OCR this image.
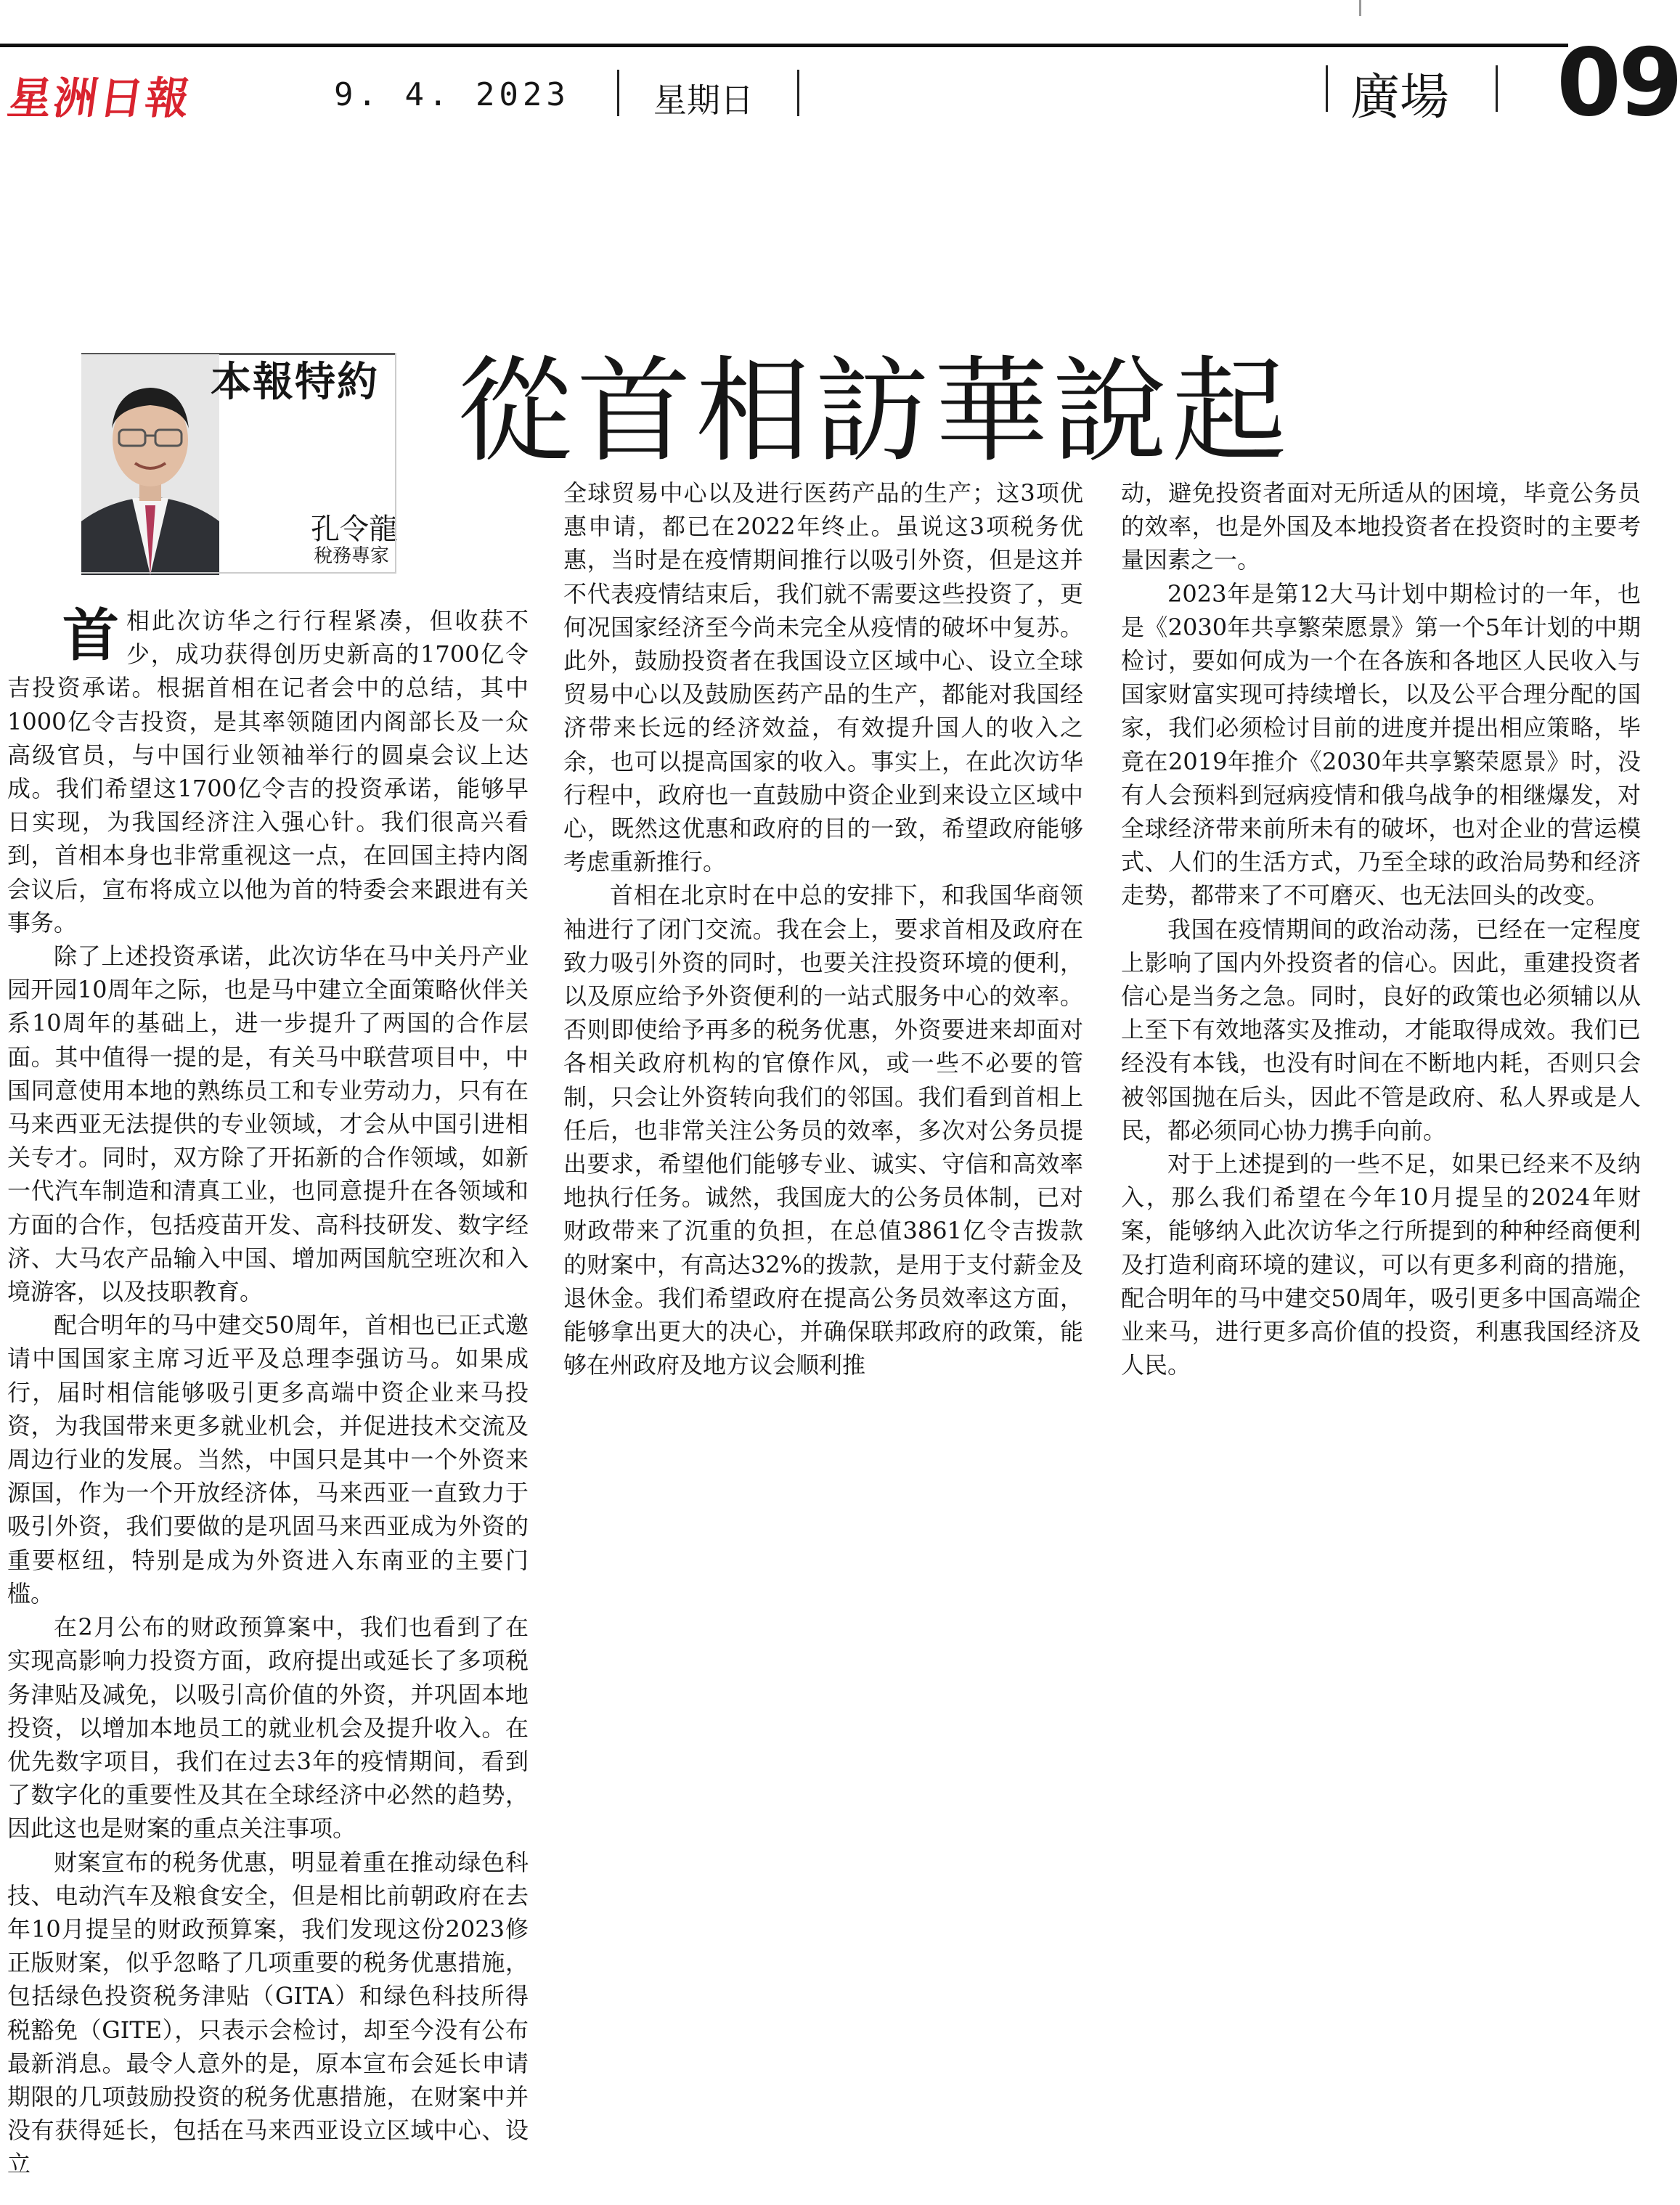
星洲日報	9. 4. 2023	星期日	廣場 09
本報特約
孔令龍
稅務專家
從首相訪華說起
首 相此次访华之行行程紧凑，但收获不少，成功获得创历史新高的1700亿令吉投资承诺。根据首相在记者会中的总结，其中1000亿令吉投资，是其率领随团内阁部长及一众高级官员，与中国行业领袖举行的圆桌会议上达成。我们希望这1700亿令吉的投资承诺，能够早日实现，为我国经济注入强心针。我们很高兴看到，首相本身也非常重视这一点，在回国主持内阁会议后，宣布将成立以他为首的特委会来跟进有关事务。

除了上述投资承诺，此次访华在马中关丹产业园开园10周年之际，也是马中建立全面策略伙伴关系10周年的基础上，进一步提升了两国的合作层面。其中值得一提的是，有关马中联营项目中，中国同意使用本地的熟练员工和专业劳动力，只有在马来西亚无法提供的专业领域，才会从中国引进相关专才。同时，双方除了开拓新的合作领域，如新一代汽车制造和清真工业，也同意提升在各领域和方面的合作，包括疫苗开发、高科技研发、数字经济、大马农产品输入中国、增加两国航空班次和入境游客，以及技职教育。

配合明年的马中建交50周年，首相也已正式邀请中国国家主席习近平及总理李强访马。如果成行，届时相信能够吸引更多高端中资企业来马投资，为我国带来更多就业机会，并促进技术交流及周边行业的发展。当然，中国只是其中一个外资来源国，作为一个开放经济体，马来西亚一直致力于吸引外资，我们要做的是巩固马来西亚成为外资的重要枢纽，特别是成为外资进入东南亚的主要门槛。

在2月公布的财政预算案中，我们也看到了在实现高影响力投资方面，政府提出或延长了多项税务津贴及减免，以吸引高价值的外资，并巩固本地投资，以增加本地员工的就业机会及提升收入。在优先数字项目，我们在过去3年的疫情期间，看到了数字化的重要性及其在全球经济中必然的趋势，因此这也是财案的重点关注事项。

财案宣布的税务优惠，明显着重在推动绿色科技、电动汽车及粮食安全，但是相比前朝政府在去年10月提呈的财政预算案，我们发现这份2023修正版财案，似乎忽略了几项重要的税务优惠措施，包括绿色投资税务津贴（GITA）和绿色科技所得税豁免（GITE），只表示会检讨，却至今没有公布最新消息。最令人意外的是，原本宣布会延长申请期限的几项鼓励投资的税务优惠措施，在财案中并没有获得延长，包括在马来西亚设立区域中心、设立

全球贸易中心以及进行医药产品的生产；这3项优惠申请，都已在2022年终止。虽说这3项税务优惠，当时是在疫情期间推行以吸引外资，但是这并不代表疫情结束后，我们就不需要这些投资了，更何况国家经济至今尚未完全从疫情的破坏中复苏。此外，鼓励投资者在我国设立区域中心、设立全球贸易中心以及鼓励医药产品的生产，都能对我国经济带来长远的经济效益，有效提升国人的收入之余，也可以提高国家的收入。事实上，在此次访华行程中，政府也一直鼓励中资企业到来设立区域中心，既然这优惠和政府的目的一致，希望政府能够考虑重新推行。

首相在北京时在中总的安排下，和我国华商领袖进行了闭门交流。我在会上，要求首相及政府在致力吸引外资的同时，也要关注投资环境的便利，以及原应给予外资便利的一站式服务中心的效率。否则即使给予再多的税务优惠，外资要进来却面对各相关政府机构的官僚作风，或一些不必要的管制，只会让外资转向我们的邻国。我们看到首相上任后，也非常关注公务员的效率，多次对公务员提出要求，希望他们能够专业、诚实、守信和高效率地执行任务。诚然，我国庞大的公务员体制，已对财政带来了沉重的负担，在总值3861亿令吉拨款的财案中，有高达32%的拨款，是用于支付薪金及退休金。我们希望政府在提高公务员效率这方面，能够拿出更大的决心，并确保联邦政府的政策，能够在州政府及地方议会顺利推

动，避免投资者面对无所适从的困境，毕竟公务员的效率，也是外国及本地投资者在投资时的主要考量因素之一。

2023年是第12大马计划中期检讨的一年，也是《2030年共享繁荣愿景》第一个5年计划的中期检讨，要如何成为一个在各族和各地区人民收入与国家财富实现可持续增长，以及公平合理分配的国家，我们必须检讨目前的进度并提出相应策略，毕竟在2019年推介《2030年共享繁荣愿景》时，没有人会预料到冠病疫情和俄乌战争的相继爆发，对全球经济带来前所未有的破坏，也对企业的营运模式、人们的生活方式，乃至全球的政治局势和经济走势，都带来了不可磨灭、也无法回头的改变。

我国在疫情期间的政治动荡，已经在一定程度上影响了国内外投资者的信心。因此，重建投资者信心是当务之急。同时，良好的政策也必须辅以从上至下有效地落实及推动，才能取得成效。我们已经没有本钱，也没有时间在不断地内耗，否则只会被邻国抛在后头，因此不管是政府、私人界或是人民，都必须同心协力携手向前。

对于上述提到的一些不足，如果已经来不及纳入，那么我们希望在今年10月提呈的2024年财案，能够纳入此次访华之行所提到的种种经商便利及打造利商环境的建议，可以有更多利商的措施，配合明年的马中建交50周年，吸引更多中国高端企业来马，进行更多高价值的投资，利惠我国经济及人民。
